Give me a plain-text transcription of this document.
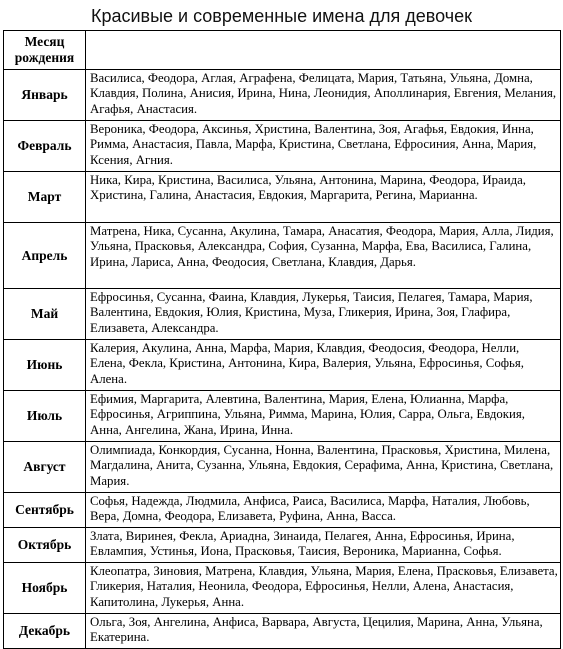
Красивые и современные имена для девочек
Месяц рождения	
Январь	Василиса, Феодора, Аглая, Аграфена, Фелицата, Мария, Татьяна, Ульяна, Домна, Клавдия, Полина, Анисия, Ирина, Нина, Леонидия, Аполлинария, Евгения, Мелания, Агафья, Анастасия.
Февраль	Вероника, Феодора, Аксинья, Христина, Валентина, Зоя, Агафья, Евдокия, Инна, Римма, Анастасия, Павла, Марфа, Кристина, Светлана, Ефросиния, Анна, Мария, Ксения, Агния.
Март	Ника, Кира, Кристина, Василиса, Ульяна, Антонина, Марина, Феодора, Ираида, Христина, Галина, Анастасия, Евдокия, Маргарита, Регина, Марианна.
Апрель	Матрена, Ника, Сусанна, Акулина, Тамара, Анасатия, Феодора, Мария, Алла, Лидия, Ульяна, Прасковья, Александра, София, Сузанна, Марфа, Ева, Василиса, Галина, Ирина, Лариса, Анна, Феодосия, Светлана, Клавдия, Дарья.
Май	Ефросинья, Сусанна, Фаина, Клавдия, Лукерья, Таисия, Пелагея, Тамара, Мария, Валентина, Евдокия, Юлия, Кристина, Муза, Гликерия, Ирина, Зоя, Глафира, Елизавета, Александра.
Июнь	Калерия, Акулина, Анна, Марфа, Мария, Клавдия, Феодосия, Феодора, Нелли, Елена, Фекла, Кристина, Антонина, Кира, Валерия, Ульяна, Ефросинья, Софья, Алена.
Июль	Ефимия, Маргарита, Алевтина, Валентина, Мария, Елена, Юлианна, Марфа, Ефросинья, Агриппина, Ульяна, Римма, Марина, Юлия, Сарра, Ольга, Евдокия, Анна, Ангелина, Жана, Ирина, Инна.
Август	Олимпиада, Конкордия, Сусанна, Нонна, Валентина, Прасковья, Христина, Милена, Магдалина, Анита, Сузанна, Ульяна, Евдокия, Серафима, Анна, Кристина, Светлана, Мария.
Сентябрь	Софья, Надежда, Людмила, Анфиса, Раиса, Василиса, Марфа, Наталия, Любовь, Вера, Домна, Феодора, Елизавета, Руфина, Анна, Васса.
Октябрь	Злата, Виринея, Фекла, Ариадна, Зинаида, Пелагея, Анна, Ефросинья, Ирина, Евлампия, Устинья, Иона, Прасковья, Таисия, Вероника, Марианна, Софья.
Ноябрь	Клеопатра, Зиновия, Матрена, Клавдия, Ульяна, Мария, Елена, Прасковья, Елизавета, Гликерия, Наталия, Неонила, Феодора, Ефросинья, Нелли, Алена, Анастасия, Капитолина, Лукерья, Анна.
Декабрь	Ольга, Зоя, Ангелина, Анфиса, Варвара, Августа, Цецилия, Марина, Анна, Ульяна, Екатерина.
